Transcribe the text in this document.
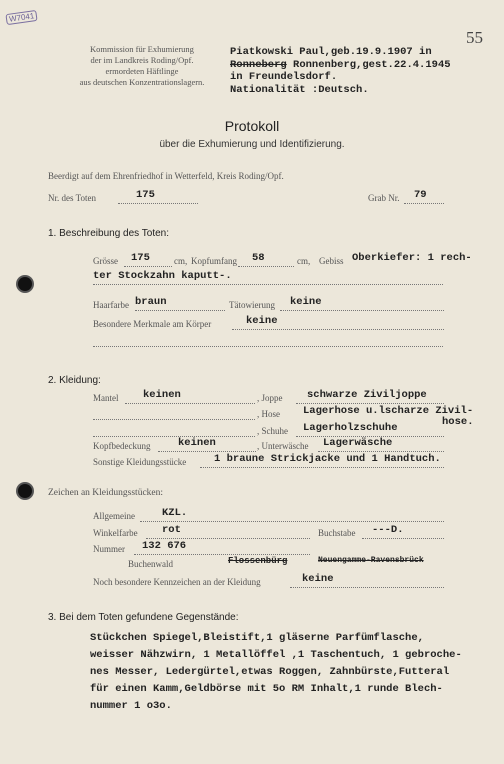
W7041
55
Kommission für Exhumierung
der im Landkreis Roding/Opf.
ermordeten Häftlinge
aus deutschen Konzentrationslagern.
Piatkowski Paul,geb.19.9.1907 in
Ronneberg Ronnenberg,gest.22.4.1945
in Freundelsdorf.
Nationalität :Deutsch.
Protokoll
über die Exhumierung und Identifizierung.
Beerdigt auf dem Ehrenfriedhof in Wetterfeld, Kreis Roding/Opf.
Nr. des Toten	175	Grab Nr. 79
1. Beschreibung des Toten:
Grösse 175	cm, Kopfumfang 58	cm, Gebiss Oberkiefer: 1 rech-
ter Stockzahn kaputt-.
Haarfarbe braun	Tätowierung keine
Besondere Merkmale am Körper	keine
2. Kleidung:
Mantel keinen	, Joppe schwarze Ziviljoppe
, Hose Lagerhose u.lscharze Zivil-
hose.
, Schuhe Lagerholzschuhe
Kopfbedeckung	keinen	, Unterwäsche Lagerwäsche
Sonstige Kleidungsstücke	1 braune Strickjacke und 1 Handtuch.
Zeichen an Kleidungsstücken:
Allgemeine	KZL.
Winkelfarbe rot	Buchstabe ---D.
Nummer 132 676
Buchenwald	Flossenbürg	Neuengamme-Ravensbrück
Noch besondere Kennzeichen an der Kleidung	keine
3. Bei dem Toten gefundene Gegenstände:
Stückchen Spiegel,Bleistift,1 gläserne Parfümflasche,
weisser Nähzwirn, 1 Metallöffel ,1 Taschentuch, 1 gebroche-
nes Messer, Ledergürtel,etwas Roggen, Zahnbürste,Futteral
für einen Kamm,Geldbörse mit 5o RM Inhalt,1 runde Blech-
nummer 1 o3o.
